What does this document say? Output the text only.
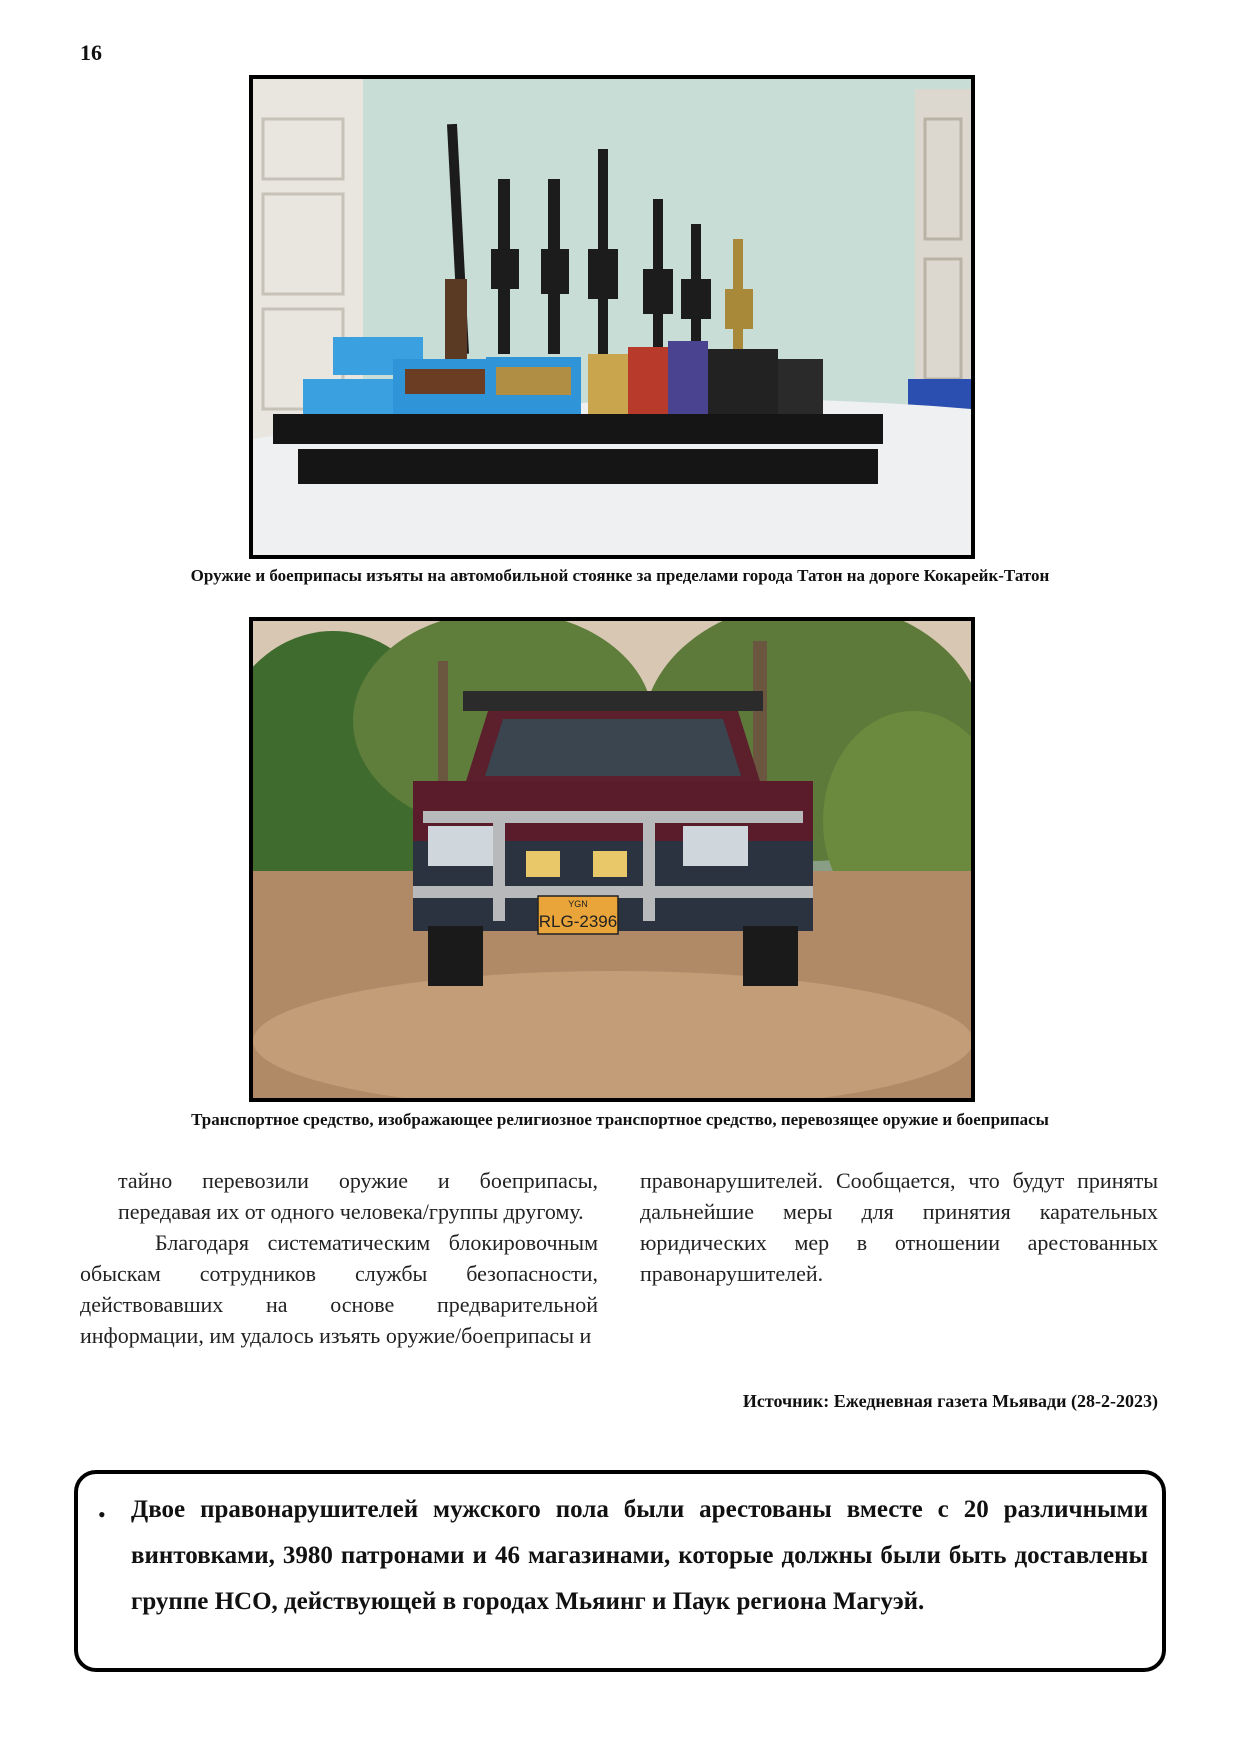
16
Оружие и боеприпасы изъяты на автомобильной стоянке за пределами города Татон на дороге Кокарейк-Татон
YGN
RLG-2396
Транспортное средство, изображающее религиозное транспортное средство, перевозящее оружие и боеприпасы

тайно перевозили оружие и боеприпасы, передавая их от одного человека/группы другому.

Благодаря систематическим блокировочным обыскам сотрудников службы безопасности, действовавших на основе предварительной информации, им удалось изъять оружие/боеприпасы и

правонарушителей. Сообщается, что будут приняты дальнейшие меры для принятия карательных юридических мер в отношении арестованных правонарушителей.

Источник: Ежедневная газета Мьявади (28-2-2023)
• Двое правонарушителей мужского пола были арестованы вместе с 20 различными винтовками, 3980 патронами и 46 магазинами, которые должны были быть доставлены группе НСО, действующей в городах Мьяинг и Паук региона Магуэй.
